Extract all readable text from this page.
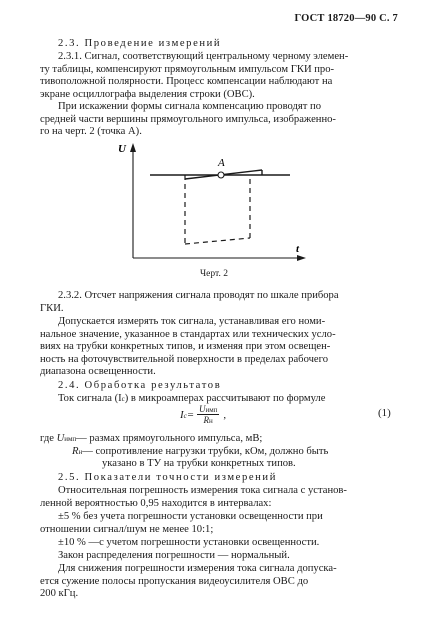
ГОСТ 18720—90 С. 7
2.3. Проведение измерений
2.3.1. Сигнал, соответствующий центральному черному элемен-
ту таблицы, компенсируют прямоугольным импульсом ГКИ про-
тивоположной полярности. Процесс компенсации наблюдают на
экране осциллографа выделения строки (ОВС).
При искажении формы сигнала компенсацию проводят по
средней части вершины прямоугольного импульса, изображенно-
го на черт. 2 (точка А).
U
t
A
Черт. 2
2.3.2. Отсчет напряжения сигнала проводят по шкале прибора
ГКИ.
Допускается измерять ток сигнала, устанавливая его номи-
нальное значение, указанное в стандартах или технических усло-
виях на трубки конкретных типов, и изменяя при этом освещен-
ность на фоточувствительной поверхности в пределах рабочего
диапазона освещенности.
2.4. Обработка результатов
Ток сигнала (Iс) в микроамперах рассчитывают по формуле
$Iс= \frac{\text{Uимп}}{Rн}$ ,	(1)
где Uимп— размах прямоугольного импульса, мВ;
Rн— сопротивление нагрузки трубки, кОм, должно быть
указано в ТУ на трубки конкретных типов.
2.5. Показатели точности измерений
Относительная погрешность измерения тока сигнала с установ-
ленной вероятностью 0,95 находится в интервалах:
±5 % без учета погрешности установки освещенности при
отношении сигнал/шум не менее 10:1;
±10 % —с учетом погрешности установки освещенности.
Закон распределения погрешности — нормальный.
Для снижения погрешности измерения тока сигнала допуска-
ется сужение полосы пропускания видеоусилителя ОВС до
200 кГц.
